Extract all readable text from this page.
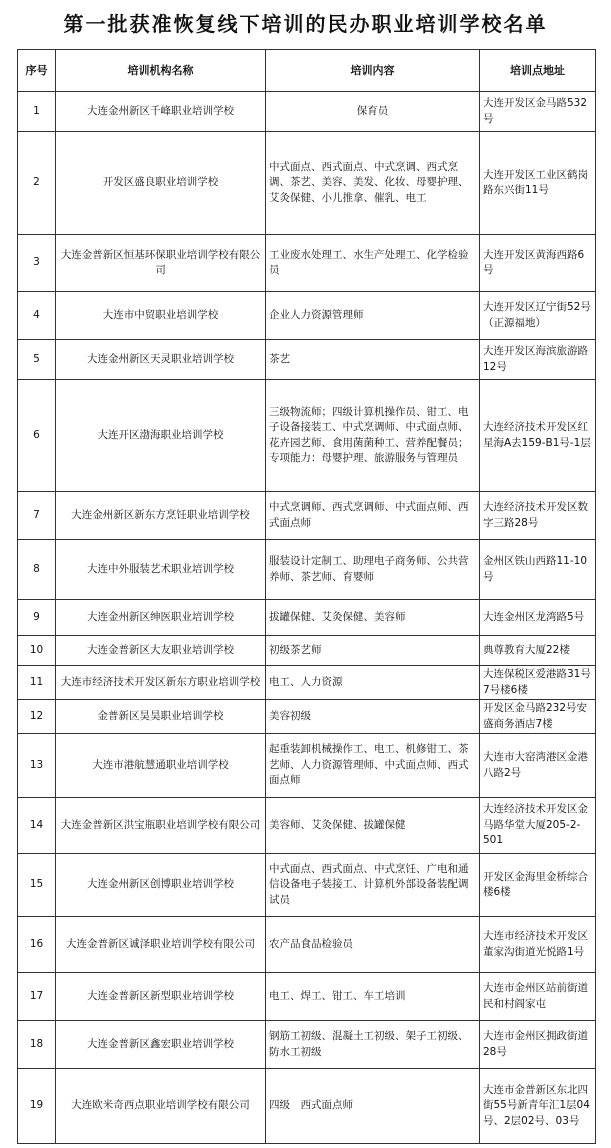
第一批获准恢复线下培训的民办职业培训学校名单
序号	培训机构名称	培训内容	培训点地址
1	大连金州新区千峰职业培训学校	保育员	大连开发区金马路532号
2	开发区盛良职业培训学校	中式面点、西式面点、中式烹调、西式烹调、茶艺、美容、美发、化妆、母婴护理、艾灸保健、小儿推拿、催乳、电工	大连开发区工业区鹤岗路东兴街11号
3	大连金普新区恒基环保职业培训学校有限公司	工业废水处理工、水生产处理工、化学检验员	大连开发区黄海西路6号
4	大连市中贸职业培训学校	企业人力资源管理师	大连开发区辽宁街52号（正源福地）
5	大连金州新区天灵职业培训学校	茶艺	大连开发区海滨旅游路12号
6	大连开区渤海职业培训学校	三级物流师；四级计算机操作员、钳工、电子设备接装工、中式烹调师、中式面点师、花卉园艺师、食用菌菌种工、营养配餐员；专项能力：母婴护理、旅游服务与管理员	大连经济技术开发区红星海A去159-B1号-1层
7	大连金州新区新东方烹饪职业培训学校	中式烹调师、西式烹调师、中式面点师、西式面点师	大连经济技术开发区数字三路28号
8	大连中外服装艺术职业培训学校	服装设计定制工、助理电子商务师、公共营养师、茶艺师、育婴师	金州区铁山西路11-10号
9	大连金州新区绅医职业培训学校	拔罐保健、艾灸保健、美容师	大连金州区龙湾路5号
10	大连金普新区大友职业培训学校	初级茶艺师	典尊教育大厦22楼
11	大连市经济技术开发区新东方职业培训学校	电工、人力资源	大连保税区爱港路31号7号楼6楼
12	金普新区昊昊职业培训学校	美容初级	开发区金马路232号安盛商务酒店7楼
13	大连市港航慧通职业培训学校	起重装卸机械操作工、电工、机修钳工、茶艺师、人力资源管理师、中式面点师、西式面点师	大连市大窑湾港区金港八路2号
14	大连金普新区洪宝瓶职业培训学校有限公司	美容师、艾灸保健、拔罐保健	大连经济技术开发区金马路华堂大厦205-2-501
15	大连金州新区创博职业培训学校	中式面点、西式面点、中式烹饪、广电和通信设备电子装接工、计算机外部设备装配调试员	开发区金海里金桥综合楼6楼
16	大连金普新区诚泽职业培训学校有限公司	农产品食品检验员	大连市经济技术开发区董家沟街道光悦路1号
17	大连金普新区新型职业培训学校	电工、焊工、钳工、车工培训	大连市金州区站前街道民和村阎家屯
18	大连金普新区鑫宏职业培训学校	钢筋工初级、混凝土工初级、架子工初级、防水工初级	大连市金州区拥政街道28号
19	大连欧米奇西点职业培训学校有限公司	四级　西式面点师	大连市金普新区东北四街55号新青年汇1层04号、2层02号、03号
